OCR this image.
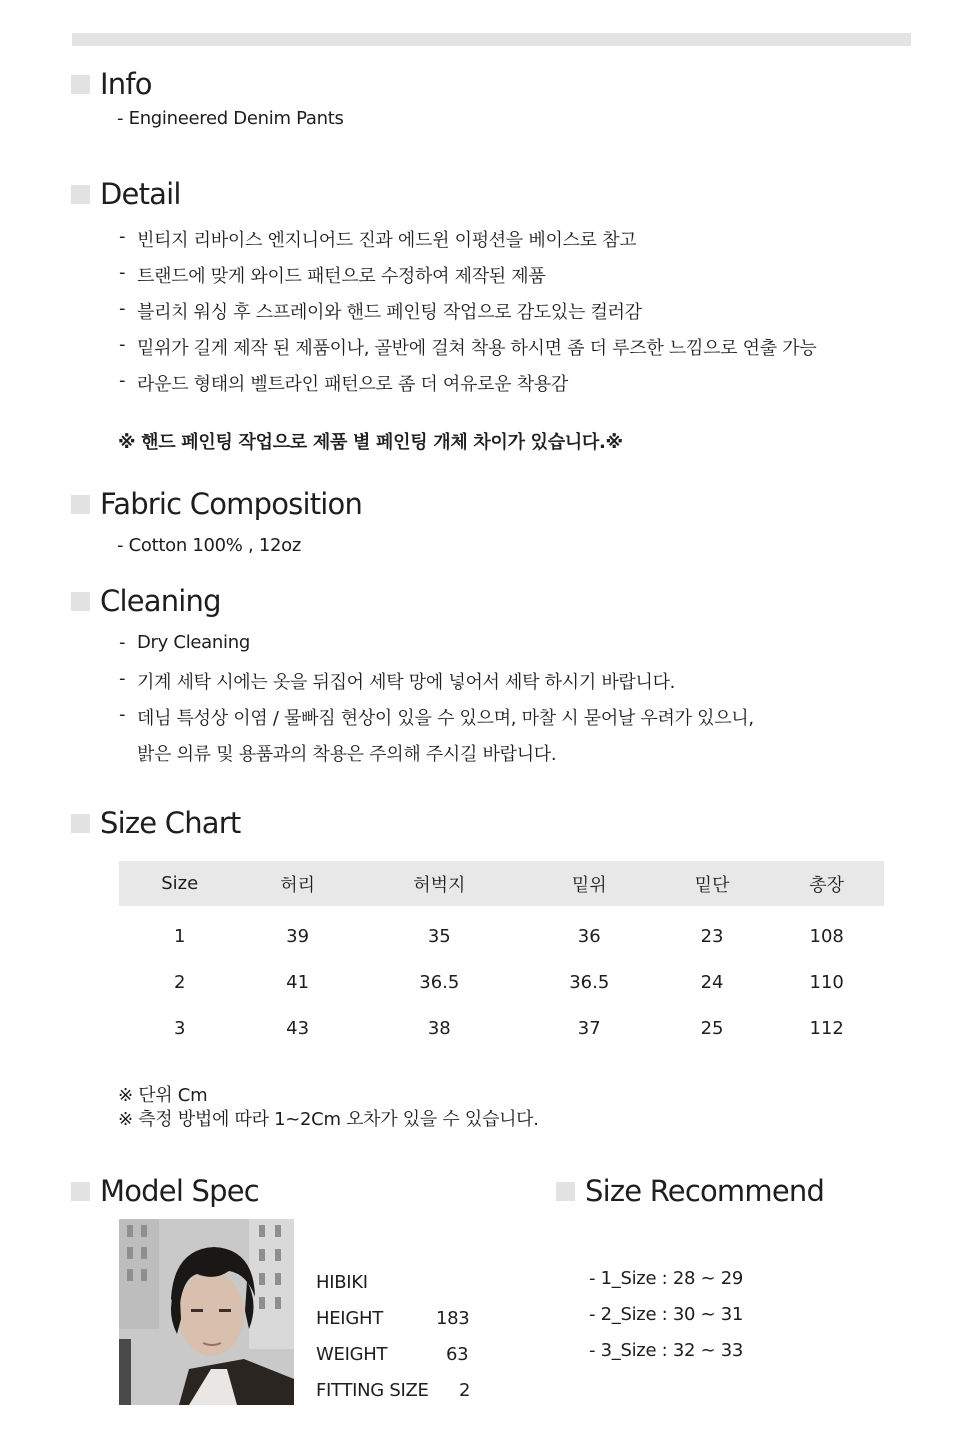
Info
- Engineered Denim Pants
Detail
- 빈티지 리바이스 엔지니어드 진과 에드윈 이펑션을 베이스로 참고
- 트랜드에 맞게 와이드 패턴으로 수정하여 제작된 제품
- 블리치 워싱 후 스프레이와 핸드 페인팅 작업으로 감도있는 컬러감
- 밑위가 길게 제작 된 제품이나, 골반에 걸쳐 착용 하시면 좀 더 루즈한 느낌으로 연출 가능
- 라운드 형태의 벨트라인 패턴으로 좀 더 여유로운 착용감
※ 핸드 페인팅 작업으로 제품 별 페인팅 개체 차이가 있습니다.※
Fabric Composition
- Cotton 100% , 12oz
Cleaning
- Dry Cleaning
- 기계 세탁 시에는 옷을 뒤집어 세탁 망에 넣어서 세탁 하시기 바랍니다.
- 데님 특성상 이염 / 물빠짐 현상이 있을 수 있으며, 마찰 시 묻어날 우려가 있으니,
밝은 의류 및 용품과의 착용은 주의해 주시길 바랍니다.
Size Chart
Size	허리	허벅지	밑위	밑단	총장
1	39	35	36	23	108
2	41	36.5	36.5	24	110
3	43	38	37	25	112
※ 단위 Cm
※ 측정 방법에 따라 1~2Cm 오차가 있을 수 있습니다.
Model Spec
HIBIKI
HEIGHT	183
WEIGHT	63
FITTING SIZE 2
Size Recommend
- 1_Size : 28 ~ 29
- 2_Size : 30 ~ 31
- 3_Size : 32 ~ 33
